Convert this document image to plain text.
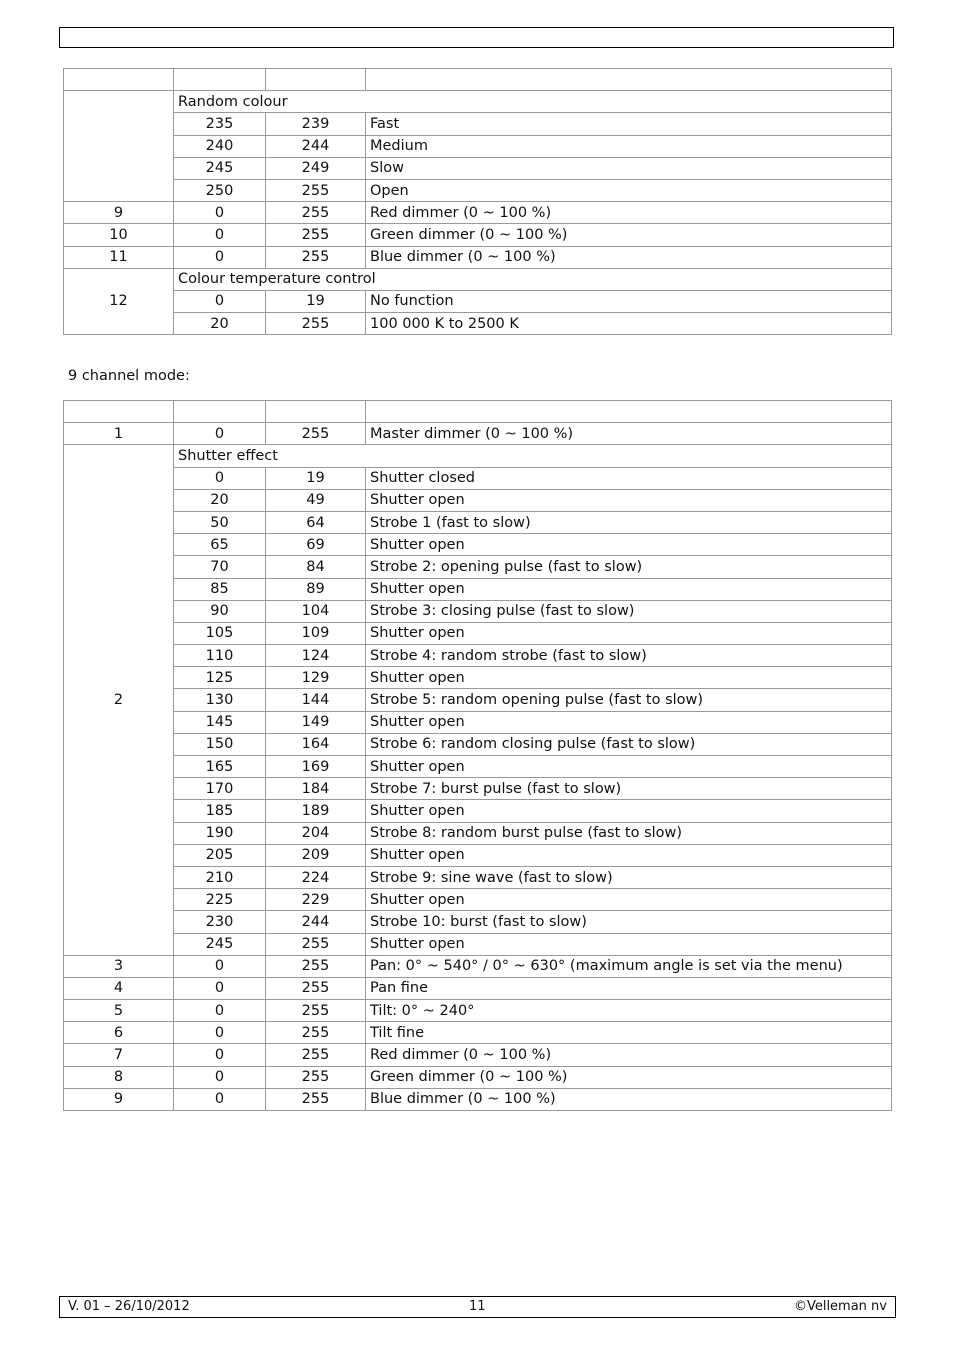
	Random colour		
	235	239	Fast
	240	244	Medium
	245	249	Slow
	250	255	Open
9	0	255	Red dimmer (0 ~ 100 %)
10	0	255	Green dimmer (0 ~ 100 %)
11	0	255	Blue dimmer (0 ~ 100 %)
12	Colour temperature control		
	0	19	No function
	20	255	100 000 K to 2500 K
9 channel mode:

1	0	255	Master dimmer (0 ~ 100 %)
2	Shutter effect		
	0	19	Shutter closed
	20	49	Shutter open
	50	64	Strobe 1 (fast to slow)
	65	69	Shutter open
	70	84	Strobe 2: opening pulse (fast to slow)
	85	89	Shutter open
	90	104	Strobe 3: closing pulse (fast to slow)
	105	109	Shutter open
	110	124	Strobe 4: random strobe (fast to slow)
	125	129	Shutter open
	130	144	Strobe 5: random opening pulse (fast to slow)
	145	149	Shutter open
	150	164	Strobe 6: random closing pulse (fast to slow)
	165	169	Shutter open
	170	184	Strobe 7: burst pulse (fast to slow)
	185	189	Shutter open
	190	204	Strobe 8: random burst pulse (fast to slow)
	205	209	Shutter open
	210	224	Strobe 9: sine wave (fast to slow)
	225	229	Shutter open
	230	244	Strobe 10: burst (fast to slow)
	245	255	Shutter open
3	0	255	Pan: 0° ~ 540° / 0° ~ 630° (maximum angle is set via the menu)
4	0	255	Pan fine
5	0	255	Tilt: 0° ~ 240°
6	0	255	Tilt fine
7	0	255	Red dimmer (0 ~ 100 %)
8	0	255	Green dimmer (0 ~ 100 %)
9	0	255	Blue dimmer (0 ~ 100 %)
V. 01 – 26/10/2012	11	©Velleman nv
